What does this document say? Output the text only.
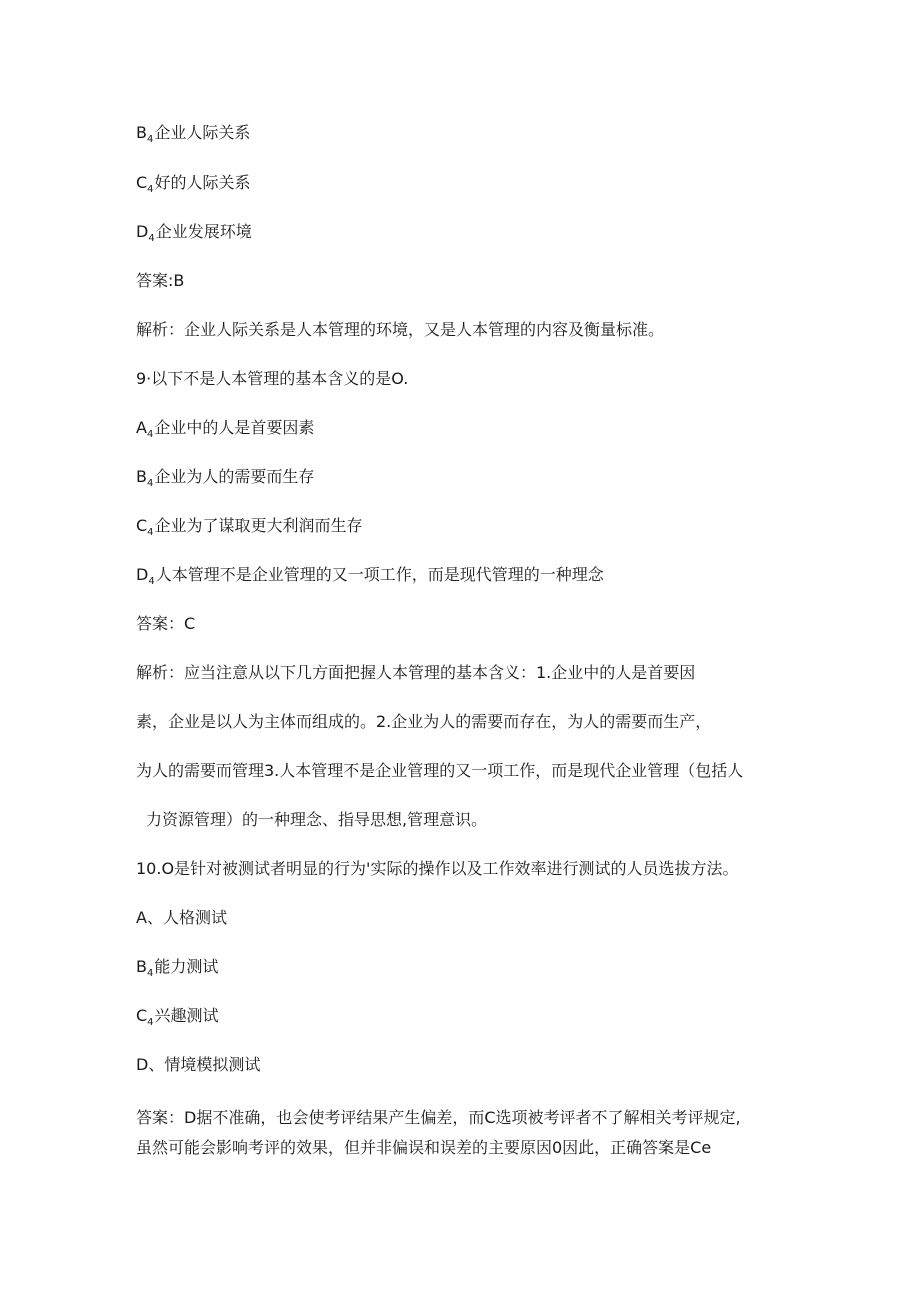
$B_4$企业人际关系
$C_4$好的人际关系
$D_4$企业发展环境
答案:B
解析：企业人际关系是人本管理的环境，又是人本管理的内容及衡量标准。
9·以下不是人本管理的基本含义的是O.
$A_4$企业中的人是首要因素
$B_4$企业为人的需要而生存
$C_4$企业为了谋取更大利润而生存
$D_4$人本管理不是企业管理的又一项工作，而是现代管理的一种理念
答案：C
解析：应当注意从以下几方面把握人本管理的基本含义：1.企业中的人是首要因
素，企业是以人为主体而组成的。2.企业为人的需要而存在，为人的需要而生产，
为人的需要而管理3.人本管理不是企业管理的又一项工作，而是现代企业管理（包括人
力资源管理）的一种理念、指导思想,管理意识。
10.O是针对被测试者明显的行为'实际的操作以及工作效率进行测试的人员选拔方法。
A、人格测试
$B_4$能力测试
$C_4$兴趣测试
D、情境模拟测试
答案：D据不准确，也会使考评结果产生偏差，而C选项被考评者不了解相关考评规定,
虽然可能会影响考评的效果，但并非偏误和误差的主要原因0因此，正确答案是Ce
